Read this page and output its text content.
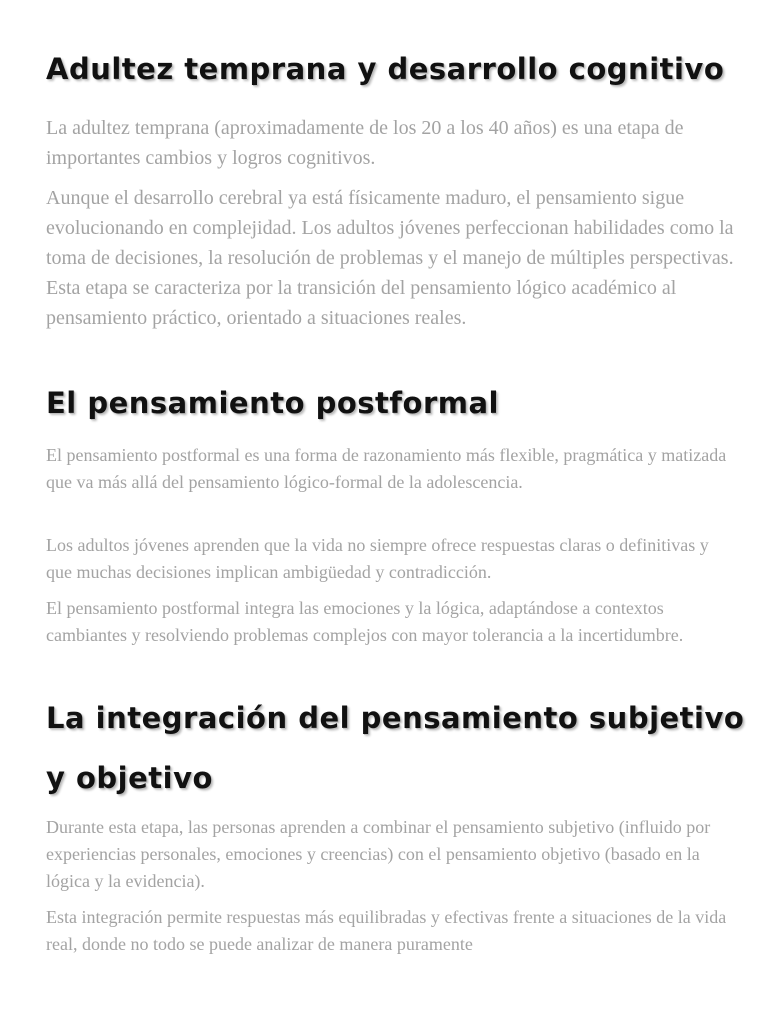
Adultez temprana y desarrollo cognitivo

La adultez temprana (aproximadamente de los 20 a los 40 años) es una etapa de importantes cambios y logros cognitivos.

Aunque el desarrollo cerebral ya está físicamente maduro, el pensamiento sigue evolucionando en complejidad. Los adultos jóvenes perfeccionan habilidades como la toma de decisiones, la resolución de problemas y el manejo de múltiples perspectivas. Esta etapa se caracteriza por la transición del pensamiento lógico académico al pensamiento práctico, orientado a situaciones reales.

El pensamiento postformal

El pensamiento postformal es una forma de razonamiento más flexible, pragmática y matizada que va más allá del pensamiento lógico-formal de la adolescencia.

Los adultos jóvenes aprenden que la vida no siempre ofrece respuestas claras o definitivas y que muchas decisiones implican ambigüedad y contradicción.

El pensamiento postformal integra las emociones y la lógica, adaptándose a contextos cambiantes y resolviendo problemas complejos con mayor tolerancia a la incertidumbre.

La integración del pensamiento subjetivo y objetivo

Durante esta etapa, las personas aprenden a combinar el pensamiento subjetivo (influido por experiencias personales, emociones y creencias) con el pensamiento objetivo (basado en la lógica y la evidencia).

Esta integración permite respuestas más equilibradas y efectivas frente a situaciones de la vida real, donde no todo se puede analizar de manera puramente
